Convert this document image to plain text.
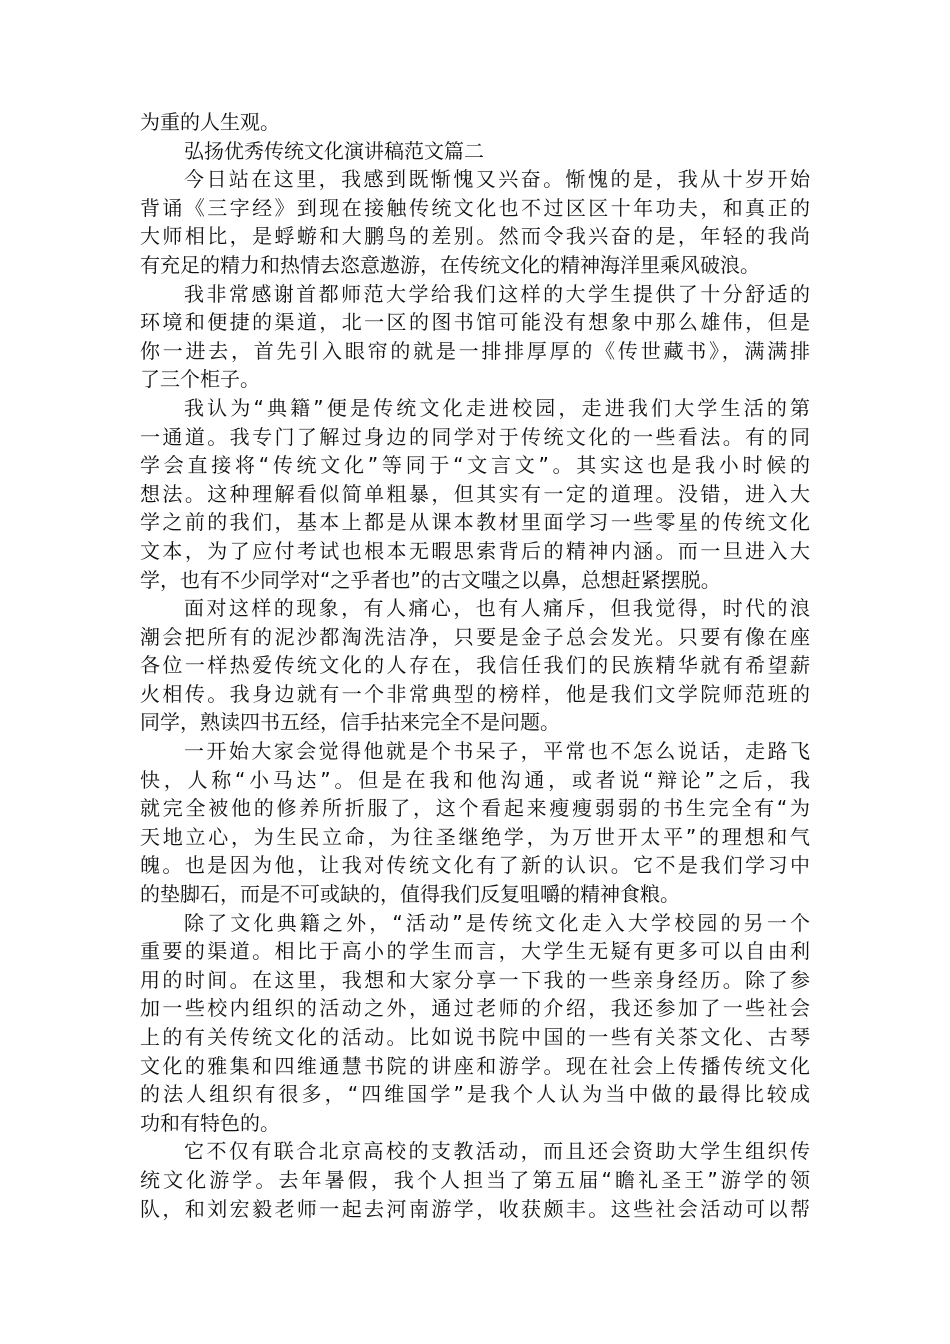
为重的人生观。
弘扬优秀传统文化演讲稿范文篇二
今日站在这里，我感到既惭愧又兴奋。惭愧的是，我从十岁开始
背诵《三字经》到现在接触传统文化也不过区区十年功夫，和真正的
大师相比，是蜉蝣和大鹏鸟的差别。然而令我兴奋的是，年轻的我尚
有充足的精力和热情去恣意遨游，在传统文化的精神海洋里乘风破浪。
我非常感谢首都师范大学给我们这样的大学生提供了十分舒适的
环境和便捷的渠道，北一区的图书馆可能没有想象中那么雄伟，但是
你一进去，首先引入眼帘的就是一排排厚厚的《传世藏书》，满满排
了三个柜子。
我认为“典籍”便是传统文化走进校园，走进我们大学生活的第
一通道。我专门了解过身边的同学对于传统文化的一些看法。有的同
学会直接将“传统文化”等同于“文言文”。其实这也是我小时候的
想法。这种理解看似简单粗暴，但其实有一定的道理。没错，进入大
学之前的我们，基本上都是从课本教材里面学习一些零星的传统文化
文本，为了应付考试也根本无暇思索背后的精神内涵。而一旦进入大
学，也有不少同学对“之乎者也”的古文嗤之以鼻，总想赶紧摆脱。
面对这样的现象，有人痛心，也有人痛斥，但我觉得，时代的浪
潮会把所有的泥沙都淘洗洁净，只要是金子总会发光。只要有像在座
各位一样热爱传统文化的人存在，我信任我们的民族精华就有希望薪
火相传。我身边就有一个非常典型的榜样，他是我们文学院师范班的
同学，熟读四书五经，信手拈来完全不是问题。
一开始大家会觉得他就是个书呆子，平常也不怎么说话，走路飞
快，人称“小马达”。但是在我和他沟通，或者说“辩论”之后，我
就完全被他的修养所折服了，这个看起来瘦瘦弱弱的书生完全有“为
天地立心，为生民立命，为往圣继绝学，为万世开太平”的理想和气
魄。也是因为他，让我对传统文化有了新的认识。它不是我们学习中
的垫脚石，而是不可或缺的，值得我们反复咀嚼的精神食粮。
除了文化典籍之外，“活动”是传统文化走入大学校园的另一个
重要的渠道。相比于高小的学生而言，大学生无疑有更多可以自由利
用的时间。在这里，我想和大家分享一下我的一些亲身经历。除了参
加一些校内组织的活动之外，通过老师的介绍，我还参加了一些社会
上的有关传统文化的活动。比如说书院中国的一些有关茶文化、古琴
文化的雅集和四维通慧书院的讲座和游学。现在社会上传播传统文化
的法人组织有很多，“四维国学”是我个人认为当中做的最得比较成
功和有特色的。
它不仅有联合北京高校的支教活动，而且还会资助大学生组织传
统文化游学。去年暑假，我个人担当了第五届“瞻礼圣王”游学的领
队，和刘宏毅老师一起去河南游学，收获颇丰。这些社会活动可以帮
